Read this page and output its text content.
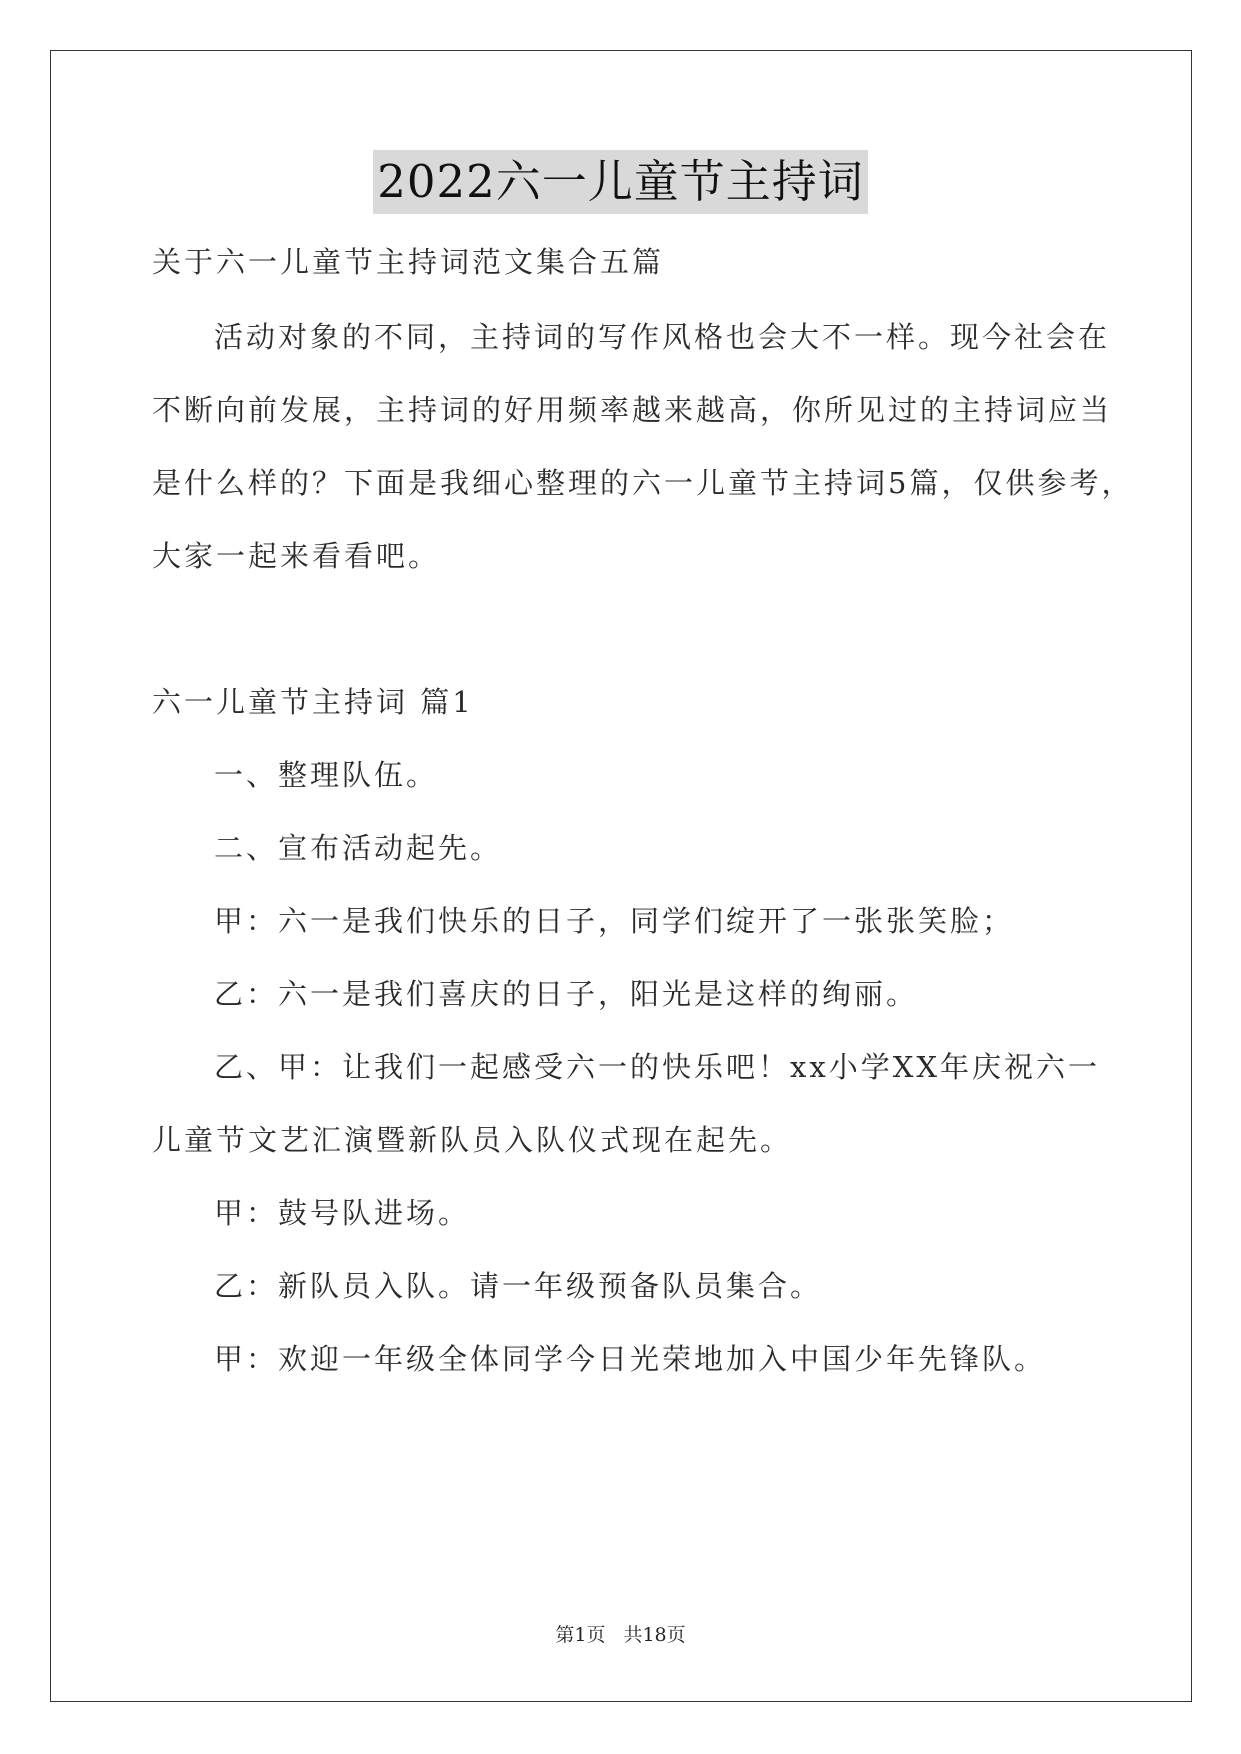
2022六一儿童节主持词
关于六一儿童节主持词范文集合五篇
活动对象的不同，主持词的写作风格也会大不一样。现今社会在
不断向前发展，主持词的好用频率越来越高，你所见过的主持词应当
是什么样的？下面是我细心整理的六一儿童节主持词5篇，仅供参考，
大家一起来看看吧。
六一儿童节主持词 篇1
一、整理队伍。
二、宣布活动起先。
甲：六一是我们快乐的日子，同学们绽开了一张张笑脸；
乙：六一是我们喜庆的日子，阳光是这样的绚丽。
乙、甲：让我们一起感受六一的快乐吧！xx小学XX年庆祝六一
儿童节文艺汇演暨新队员入队仪式现在起先。
甲：鼓号队进场。
乙：新队员入队。请一年级预备队员集合。
甲：欢迎一年级全体同学今日光荣地加入中国少年先锋队。
第1页 共18页
